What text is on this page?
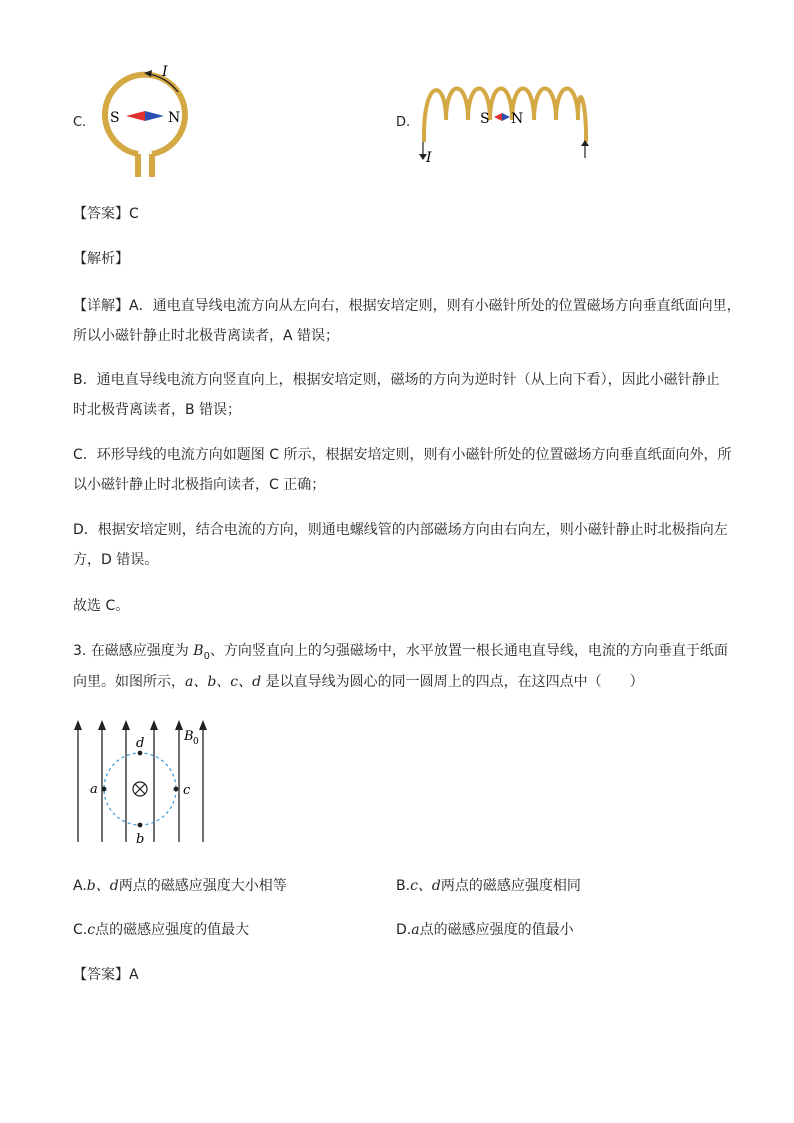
C.
I
S	N	D.
I
S N
【答案】C
【解析】
【详解】A．通电直导线电流方向从左向右，根据安培定则，则有小磁针所处的位置磁场方向垂直纸面向里，
所以小磁针静止时北极背离读者，A 错误；
B．通电直导线电流方向竖直向上，根据安培定则，磁场的方向为逆时针（从上向下看），因此小磁针静止
时北极背离读者，B 错误；
C．环形导线的电流方向如题图 C 所示，根据安培定则，则有小磁针所处的位置磁场方向垂直纸面向外，所
以小磁针静止时北极指向读者，C 正确；
D．根据安培定则，结合电流的方向，则通电螺线管的内部磁场方向由右向左，则小磁针静止时北极指向左
方，D 错误。
故选 C。
3. 在磁感应强度为 $B_0$、方向竖直向上的匀强磁场中，水平放置一根长通电直导线，电流的方向垂直于纸面
向里。如图所示，a、b、c、d 是以直导线为圆心的同一圆周上的四点，在这四点中（　　）
B 0
a	c
d
b
A.b、d两点的磁感应强度大小相等	B.c、d两点的磁感应强度相同
C.c点的磁感应强度的值最大	D.a点的磁感应强度的值最小
【答案】A
